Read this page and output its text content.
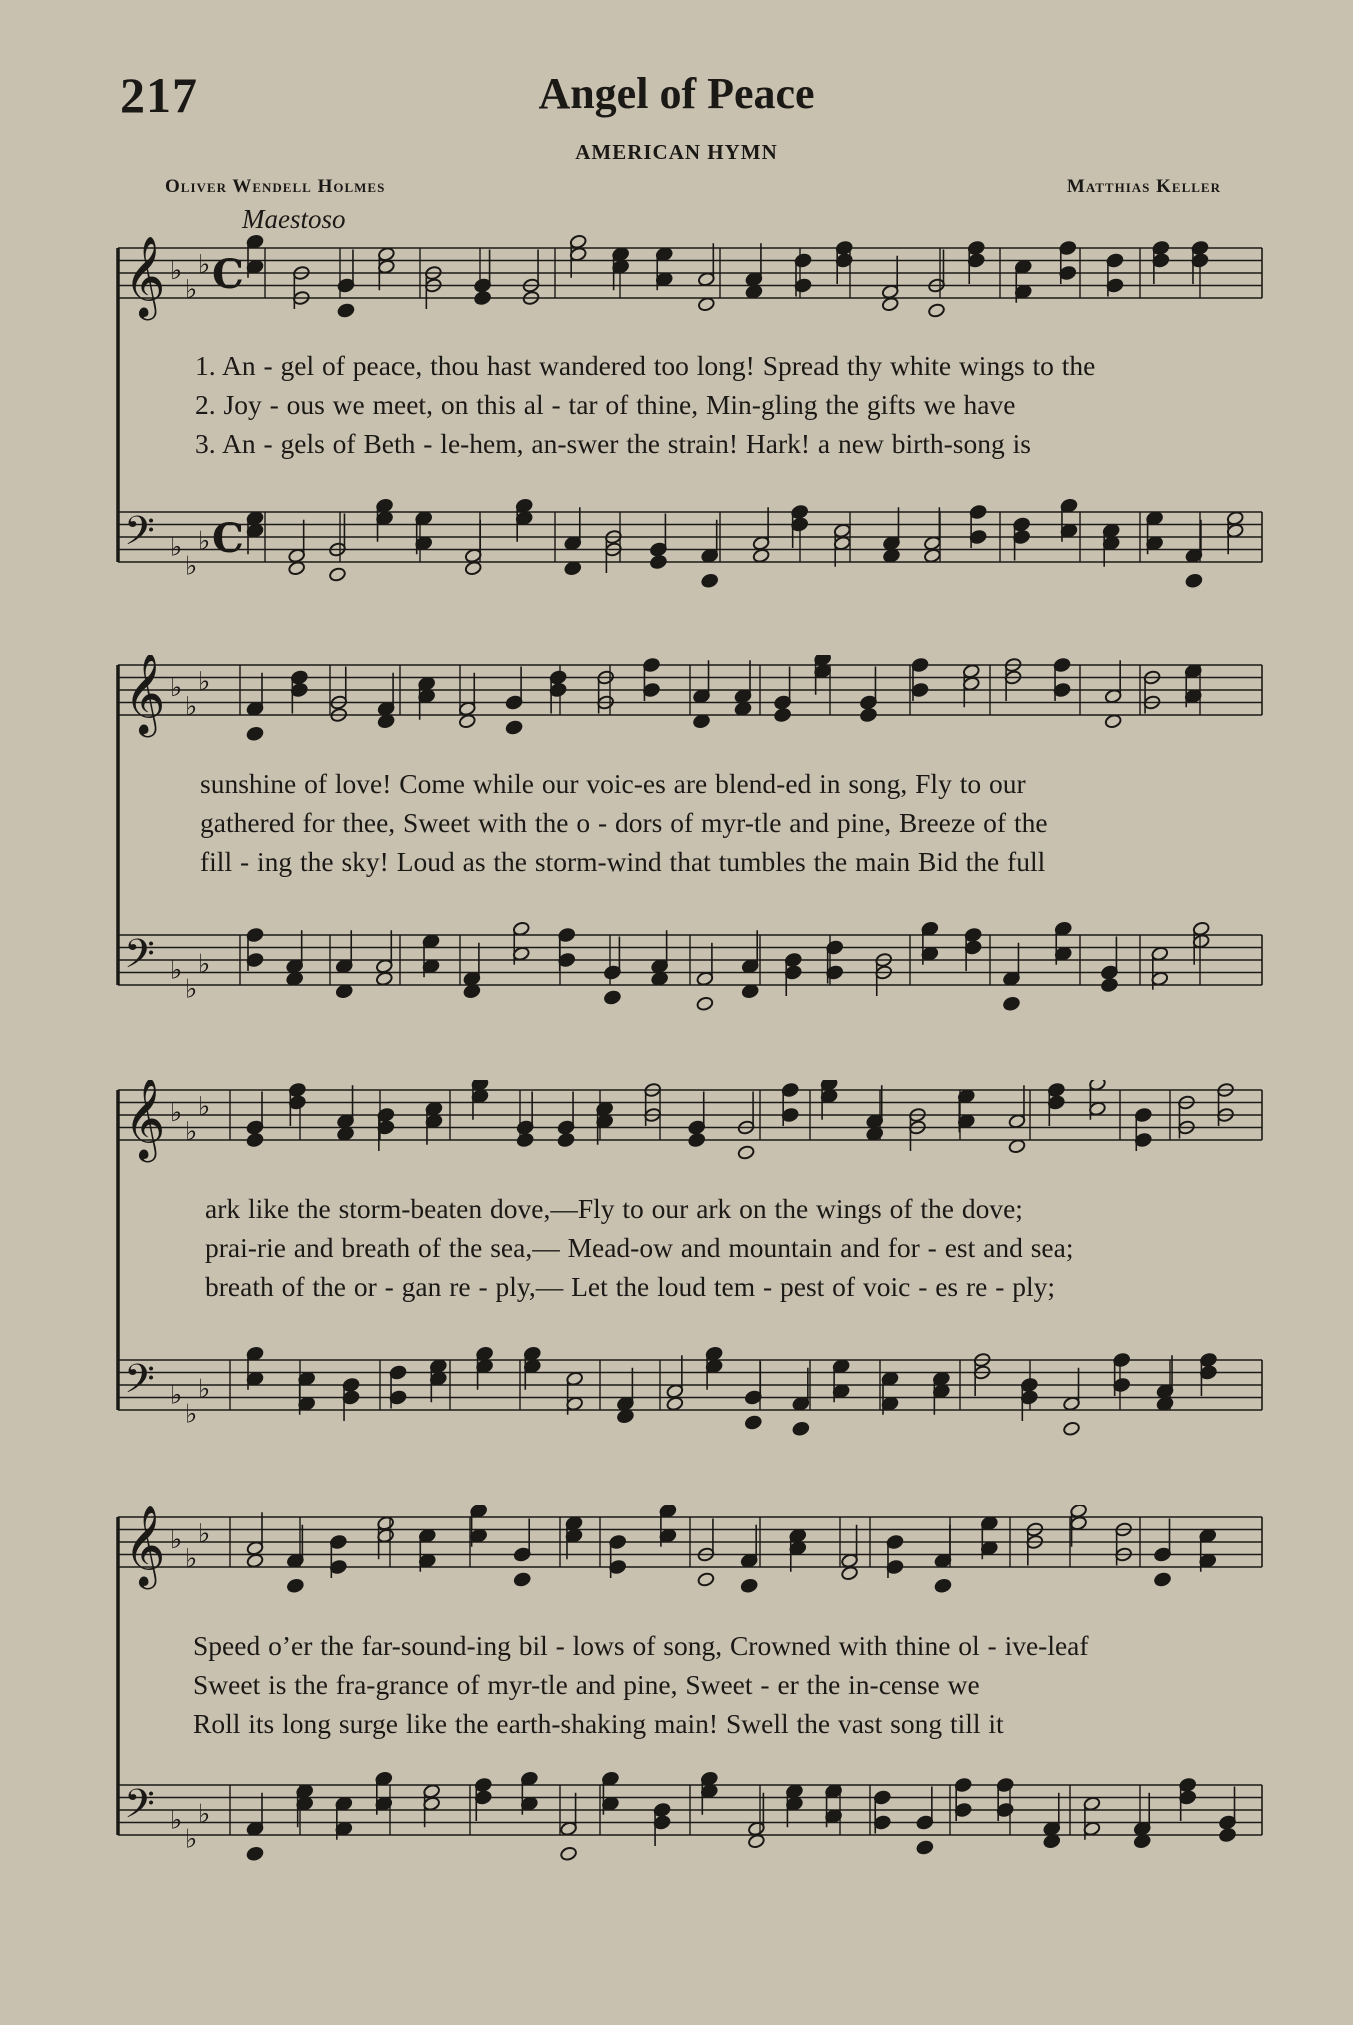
217	Angel of Peace
AMERICAN HYMN
Oliver Wendell Holmes	Matthias Keller
Maestoso
𝄞 ♭
♭
♭ C
𝄢 ♭
♭
♭ C

1. An - gel of peace, thou hast wandered too long! Spread thy white wings to the

2. Joy - ous we meet, on this al - tar of thine, Min-gling the gifts we have

3. An - gels of Beth - le-hem, an-swer the strain! Hark! a new birth-song is

𝄞 ♭
♭
♭
𝄢 ♭
♭
♭

sunshine of love! Come while our voic-es are blend-ed in song, Fly to our

gathered for thee, Sweet with the o - dors of myr-tle and pine, Breeze of the

fill - ing the sky! Loud as the storm-wind that tumbles the main Bid the full

𝄞 ♭
♭
♭
𝄢 ♭
♭
♭

ark like the storm-beaten dove,—Fly to our ark on the wings of the dove;

prai-rie and breath of the sea,— Mead-ow and mountain and for - est and sea;

breath of the or - gan re - ply,— Let the loud tem - pest of voic - es re - ply;

𝄞 ♭
♭
♭
𝄢 ♭
♭
♭

Speed o’er the far-sound-ing bil - lows of song, Crowned with thine ol - ive-leaf

Sweet is the fra-grance of myr-tle and pine, Sweet - er the in-cense we

Roll its long surge like the earth-shaking main! Swell the vast song till it
